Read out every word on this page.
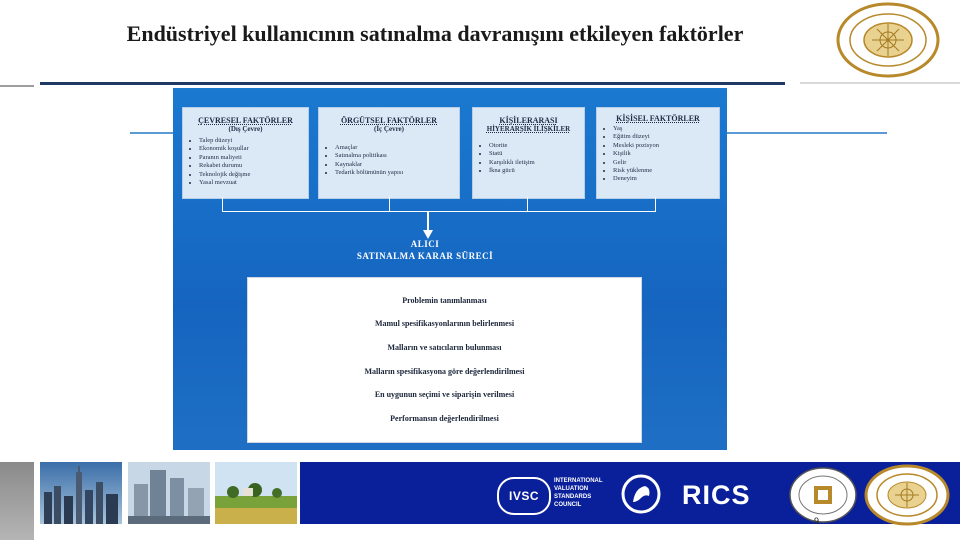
Endüstriyel kullanıcının satınalma davranışını etkileyen faktörler
ÇEVRESEL FAKTÖRLER
(Dış Çevre)
• Talep düzeyi
• Ekonomik koşullar
• Paranın maliyeti
• Rekabet durumu
• Teknolojik değişme
• Yasal mevzuat
ÖRGÜTSEL FAKTÖRLER
(İç Çevre)
• Amaçlar
• Satınalma politikası
• Kaynaklar
• Tedarik bölümünün yapısı
KİŞİLERARASI
HİYERARŞİK İLİŞKİLER
• Otorite
• Statü
• Karşılıklı iletişim
• İkna gücü
KİŞİSEL FAKTÖRLER
• Yaş
• Eğitim düzeyi
• Mesleki pozisyon
• Kişilik
• Gelir
• Risk yüklenme
• Deneyim
ALICI
SATINALMA KARAR SÜRECİ
Problemin tanımlanması
Mamul spesifikasyonlarının belirlenmesi
Malların ve satıcıların bulunması
Malların spesifikasyona göre değerlendirilmesi
En uygunun seçimi ve siparişin verilmesi
Performansın değerlendirilmesi
IVSC
INTERNATIONAL
VALUATION
STANDARDS
COUNCIL	RICS
9
